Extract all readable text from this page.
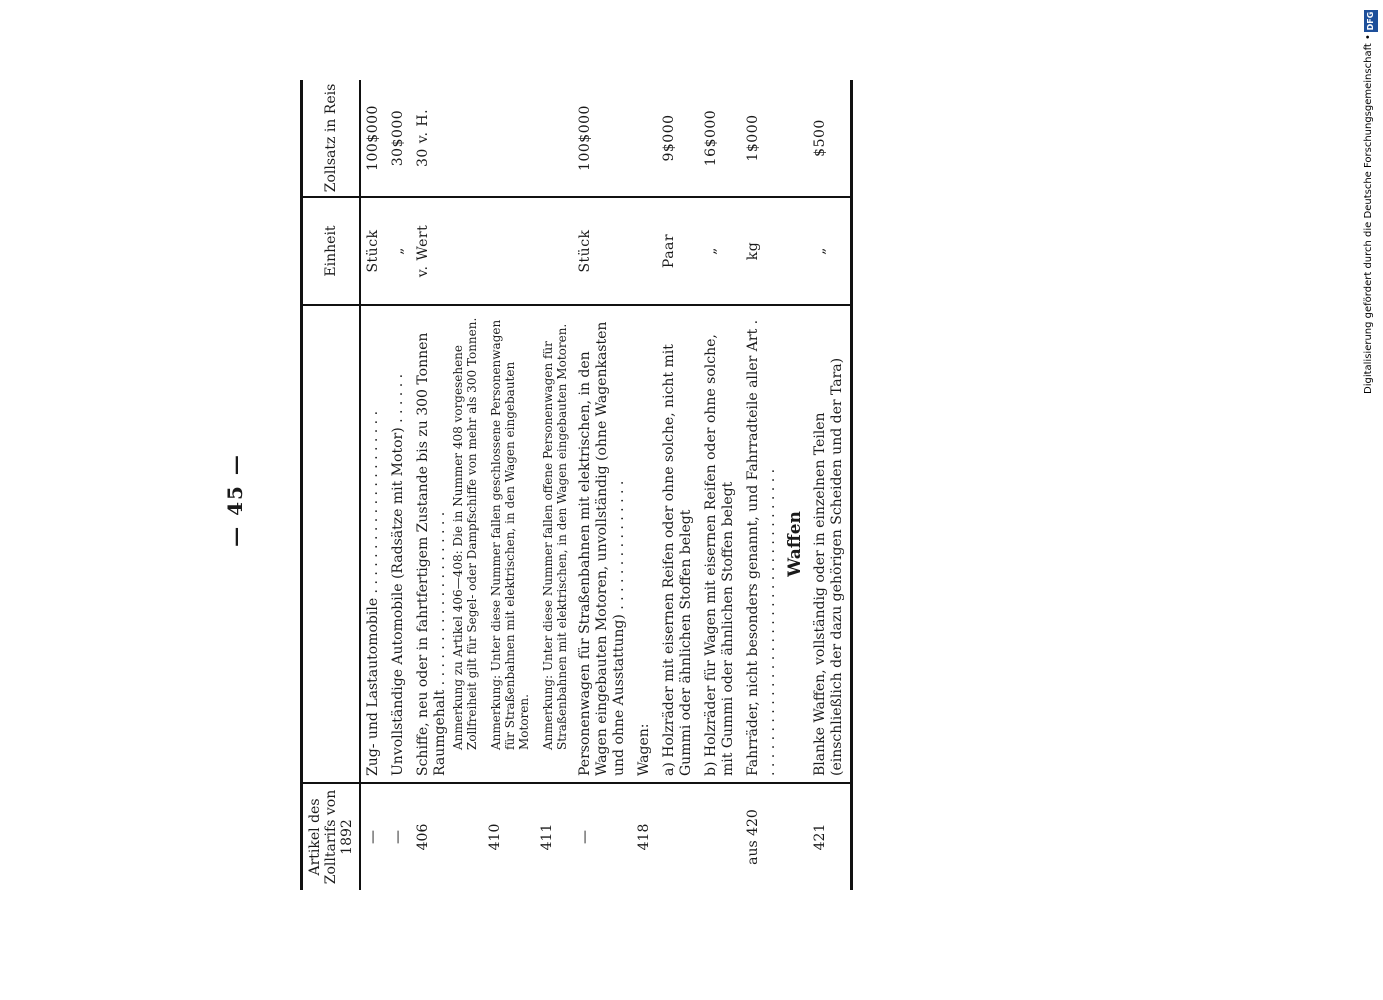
— 45 —
Artikel des Zolltarifs von 1892		Einheit	Zollsatz in Reis
—	Zug- und Lastautomobile . . . . . . . . . . . . . . . . . . . . .	Stück	100$000
—	Unvollständige Automobile (Radsätze mit Motor) . . . . . .	„	30$000
406	Schiffe, neu oder in fahrtfertigem Zustande bis zu 300 Tonnen Raumgehalt . . . . . . . . . . . . . . . . . . . . Anmerkung zu Artikel 406—408: Die in Nummer 408 vorgesehene Zollfreiheit gilt für Segel- oder Dampfschiffe von mehr als 300 Tonnen.	v. Wert	30 v. H.
410	Anmerkung: Unter diese Nummer fallen geschlossene Personenwagen für Straßenbahnen mit elektrischen, in den Wagen eingebauten Motoren.		

411	Anmerkung: Unter diese Nummer fallen offene Personenwagen für Straßenbahnen mit elektrischen, in den Wagen eingebauten Motoren.		

—	Personenwagen für Straßenbahnen mit elektrischen, in den Wagen eingebauten Motoren, unvollständig (ohne Wagenkasten und ohne Ausstattung) . . . . . . . . . . . . . . .	Stück	100$000
418	Wagen:		
	a) Holzräder mit eisernen Reifen oder ohne solche, nicht mit Gummi oder ähnlichen Stoffen belegt	Paar	9$000
	b) Holzräder für Wagen mit eisernen Reifen oder ohne solche, mit Gummi oder ähnlichen Stoffen belegt	„	16$000
aus 420	Fahrräder, nicht besonders genannt, und Fahrradteile aller Art . . . . . . . . . . . . . . . . . . . . . . . . . . . . . . . . . . . .	kg	1$000
	Waffen		
421	Blanke Waffen, vollständig oder in einzelnen Teilen (einschließlich der dazu gehörigen Scheiden und der Tara)	„	$500
DFG
Digitalisierung gefördert durch die Deutsche Forschungsgemeinschaft •
